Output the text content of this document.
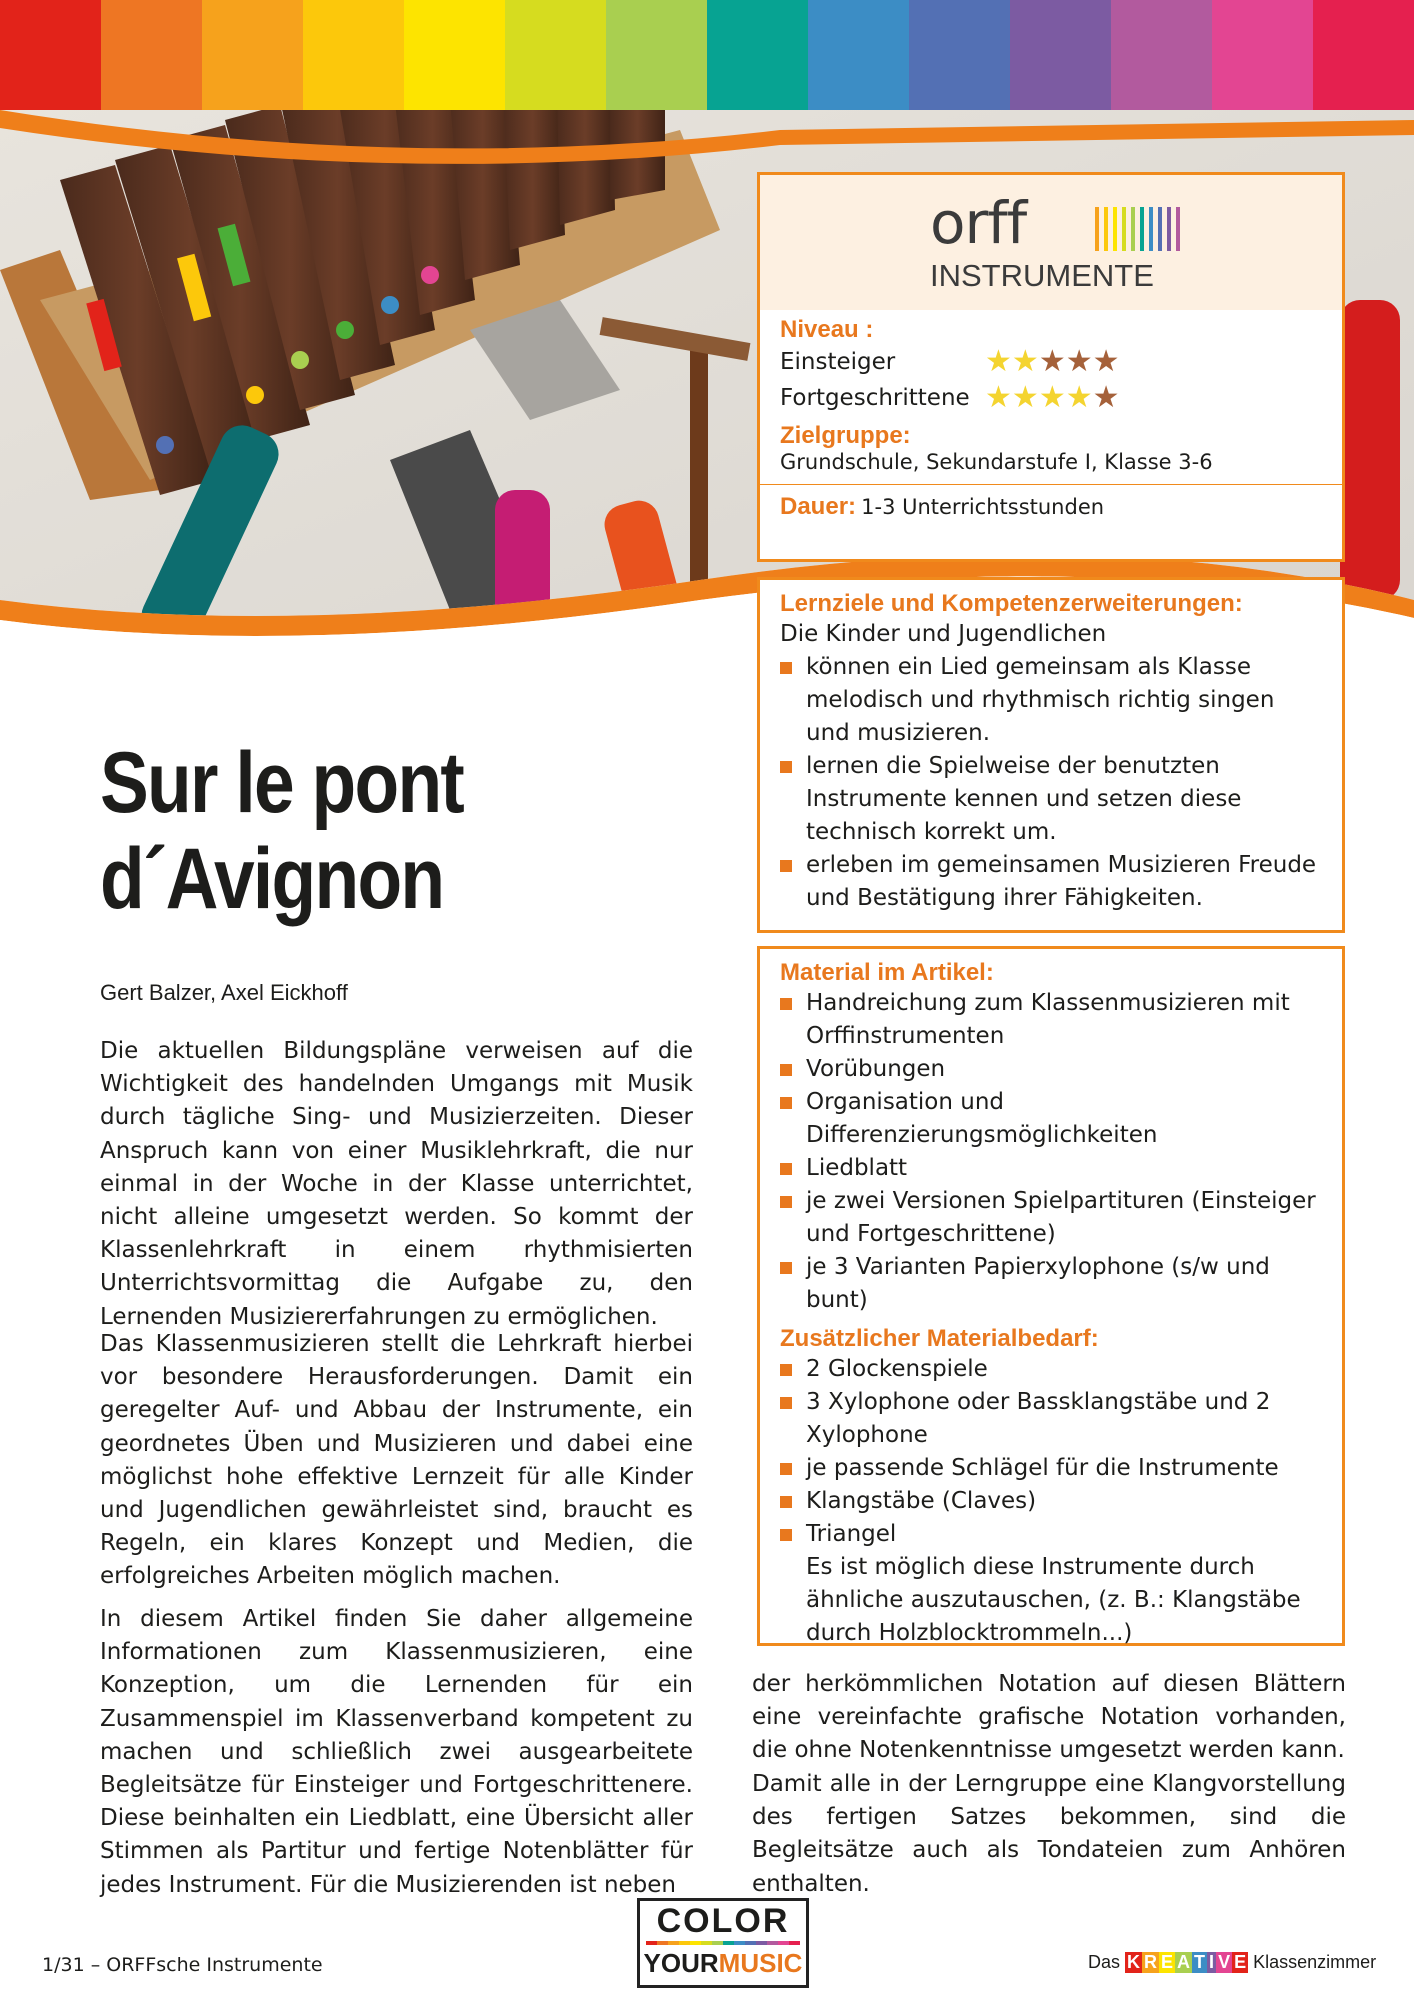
orff
INSTRUMENTE
Niveau :
Einsteiger	★ ★ ★ ★ ★
Fortgeschrittene ★ ★ ★ ★ ★
Zielgruppe:
Grundschule, Sekundarstufe I, Klasse 3-6
Dauer: 1-3 Unterrichtsstunden
Lernziele und Kompetenzerweiterungen:
Die Kinder und Jugendlichen
können ein Lied gemeinsam als Klasse melodisch und rhythmisch richtig singen und musizieren.
lernen die Spielweise der benutzten Instrumente kennen und setzen diese technisch korrekt um.
erleben im gemeinsamen Musizieren Freude und Bestätigung ihrer Fähigkeiten.
Material im Artikel:
Handreichung zum Klassenmusizieren mit Orffinstrumenten
Vorübungen
Organisation und Differenzierungsmöglichkeiten
Liedblatt
je zwei Versionen Spielpartituren (Einsteiger und Fortgeschrittene)
je 3 Varianten Papierxylophone (s/w und bunt)
Zusätzlicher Materialbedarf:
2 Glockenspiele
3 Xylophone oder Bassklangstäbe und 2 Xylophone
je passende Schlägel für die Instrumente
Klangstäbe (Claves)
Triangel
Es ist möglich diese Instrumente durch ähnliche auszutauschen, (z. B.: Klangstäbe durch Holzblocktrommeln...)
Sur le pont
d´Avignon
Gert Balzer, Axel Eickhoff
Die aktuellen Bildungspläne verweisen auf die Wichtigkeit des handelnden Umgangs mit Musik durch tägliche Sing- und Musizierzeiten. Dieser Anspruch kann von einer Musiklehrkraft, die nur einmal in der Woche in der Klasse unterrichtet, nicht alleine umgesetzt werden. So kommt der Klassenlehrkraft in einem rhythmisierten Unterrichtsvormittag die Aufgabe zu, den Lernenden Musiziererfahrungen zu ermöglichen.
Das Klassenmusizieren stellt die Lehrkraft hierbei vor besondere Herausforderungen. Damit ein geregelter Auf- und Abbau der Instrumente, ein geordnetes Üben und Musizieren und dabei eine möglichst hohe effektive Lernzeit für alle Kinder und Jugendlichen gewährleistet sind, braucht es Regeln, ein klares Konzept und Medien, die erfolgreiches Arbeiten möglich machen.
In diesem Artikel finden Sie daher allgemeine Informationen zum Klassenmusizieren, eine Konzeption, um die Lernenden für ein Zusammenspiel im Klassenverband kompetent zu machen und schließlich zwei ausgearbeitete Begleitsätze für Einsteiger und Fortgeschrittenere. Diese beinhalten ein Liedblatt, eine Übersicht aller Stimmen als Partitur und fertige Notenblätter für jedes Instrument. Für die Musizierenden ist neben
der herkömmlichen Notation auf diesen Blättern eine vereinfachte grafische Notation vorhanden, die ohne Notenkenntnisse umgesetzt werden kann.
Damit alle in der Lerngruppe eine Klangvorstellung des fertigen Satzes bekommen, sind die Begleitsätze auch als Tondateien zum Anhören enthalten.
1/31 – ORFFsche Instrumente
COLOR
YOURMUSIC	Das K R E A T I V E Klassenzimmer
